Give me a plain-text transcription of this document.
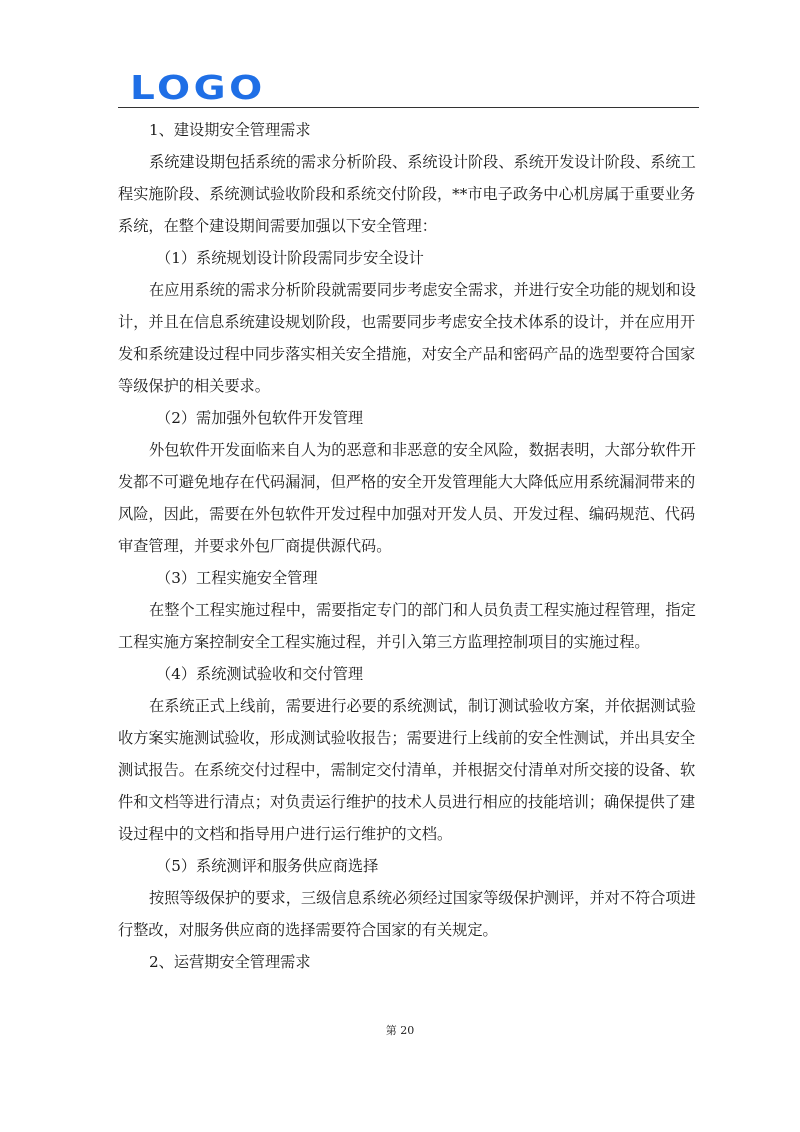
LOGO

1、建设期安全管理需求

系统建设期包括系统的需求分析阶段、系统设计阶段、系统开发设计阶段、系统工程实施阶段、系统测试验收阶段和系统交付阶段，**市电子政务中心机房属于重要业务系统，在整个建设期间需要加强以下安全管理：

（1）系统规划设计阶段需同步安全设计

在应用系统的需求分析阶段就需要同步考虑安全需求，并进行安全功能的规划和设计，并且在信息系统建设规划阶段，也需要同步考虑安全技术体系的设计，并在应用开发和系统建设过程中同步落实相关安全措施，对安全产品和密码产品的选型要符合国家等级保护的相关要求。

（2）需加强外包软件开发管理

外包软件开发面临来自人为的恶意和非恶意的安全风险，数据表明，大部分软件开发都不可避免地存在代码漏洞，但严格的安全开发管理能大大降低应用系统漏洞带来的风险，因此，需要在外包软件开发过程中加强对开发人员、开发过程、编码规范、代码审查管理，并要求外包厂商提供源代码。

（3）工程实施安全管理

在整个工程实施过程中，需要指定专门的部门和人员负责工程实施过程管理，指定工程实施方案控制安全工程实施过程，并引入第三方监理控制项目的实施过程。

（4）系统测试验收和交付管理

在系统正式上线前，需要进行必要的系统测试，制订测试验收方案，并依据测试验收方案实施测试验收，形成测试验收报告；需要进行上线前的安全性测试，并出具安全测试报告。在系统交付过程中，需制定交付清单，并根据交付清单对所交接的设备、软件和文档等进行清点；对负责运行维护的技术人员进行相应的技能培训；确保提供了建设过程中的文档和指导用户进行运行维护的文档。

（5）系统测评和服务供应商选择

按照等级保护的要求，三级信息系统必须经过国家等级保护测评，并对不符合项进行整改，对服务供应商的选择需要符合国家的有关规定。

2、运营期安全管理需求

第 20
